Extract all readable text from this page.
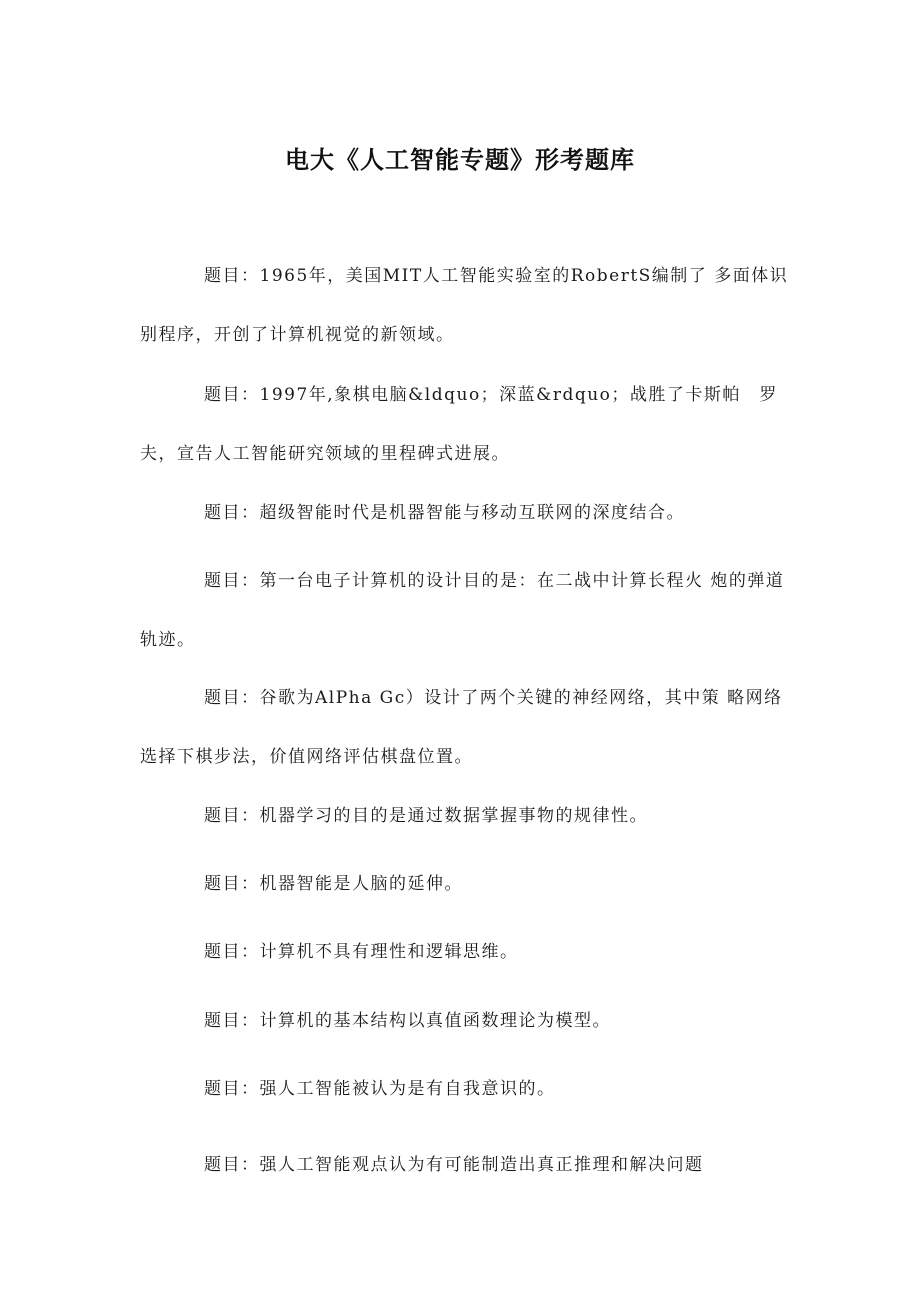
电大《人工智能专题》形考题库

题目：1965年，美国MIT人工智能实验室的RobertS编制了 多面体识别程序，开创了计算机视觉的新领域。

题目：1997年,象棋电脑&ldquo；深蓝&rdquo；战胜了卡斯帕　罗夫，宣告人工智能研究领域的里程碑式进展。

题目：超级智能时代是机器智能与移动互联网的深度结合。

题目：第一台电子计算机的设计目的是：在二战中计算长程火 炮的弹道轨迹。

题目：谷歌为AlPha Gc）设计了两个关键的神经网络，其中策 略网络选择下棋步法，价值网络评估棋盘位置。

题目：机器学习的目的是通过数据掌握事物的规律性。

题目：机器智能是人脑的延伸。

题目：计算机不具有理性和逻辑思维。

题目：计算机的基本结构以真值函数理论为模型。

题目：强人工智能被认为是有自我意识的。

题目：强人工智能观点认为有可能制造出真正推理和解决问题
